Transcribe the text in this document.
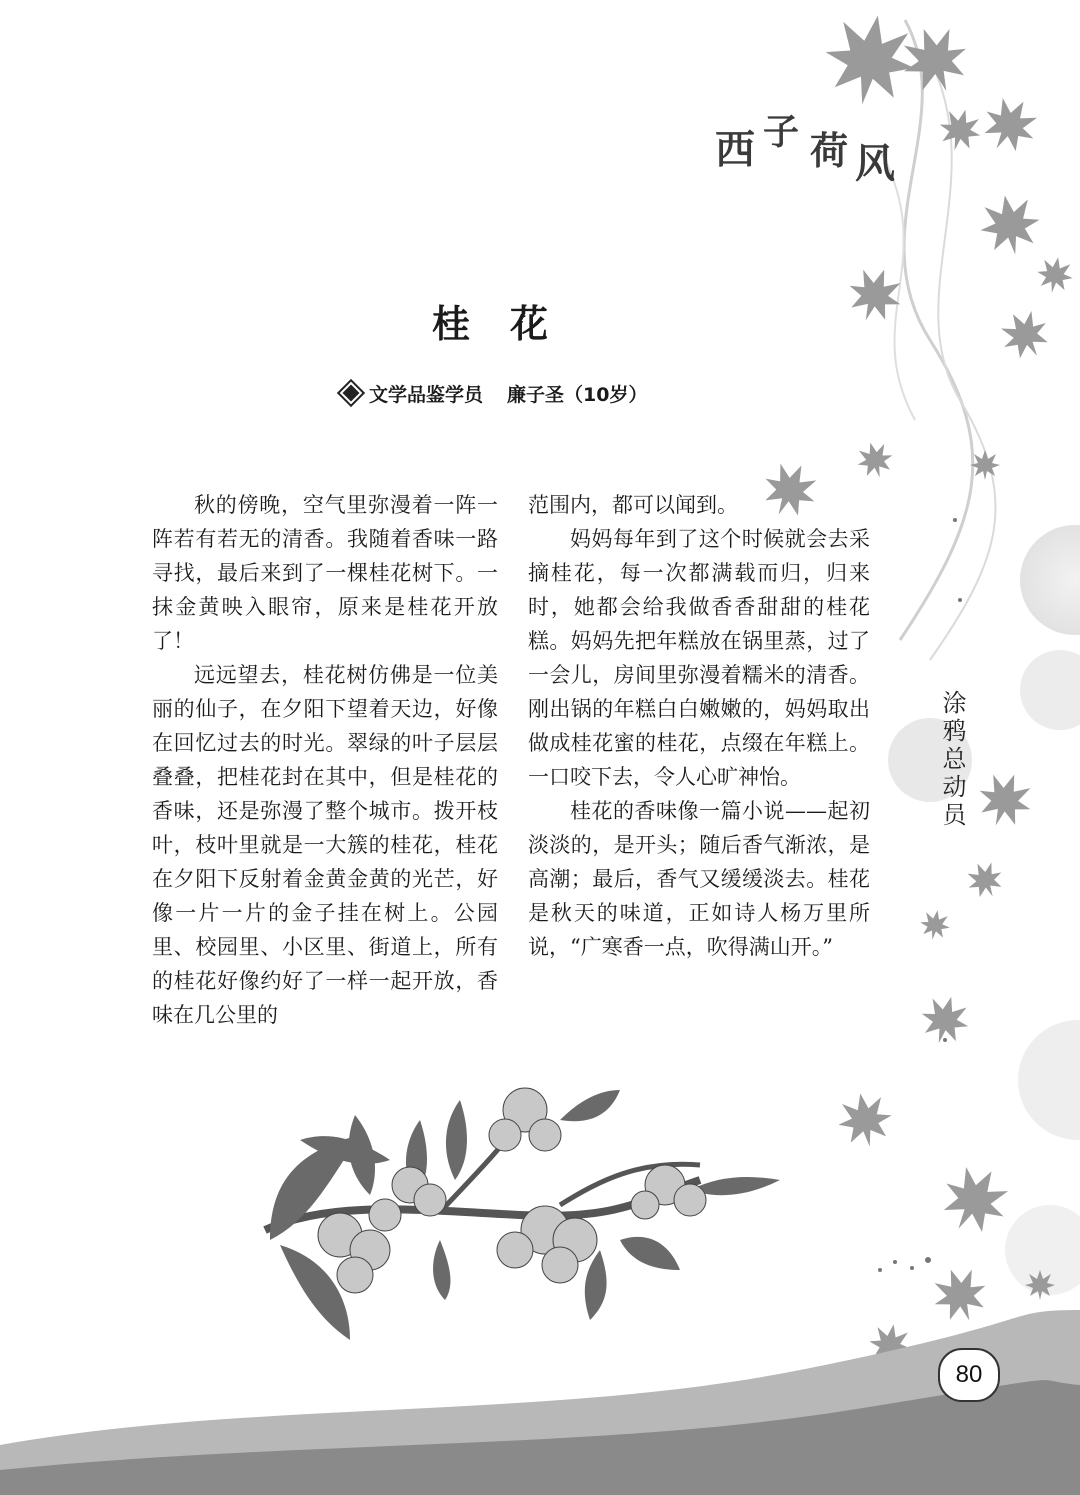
西 子 荷 风
桂花
文学品鉴学员 廉子圣（10岁）

秋的傍晚，空气里弥漫着一阵一阵若有若无的清香。我随着香味一路寻找，最后来到了一棵桂花树下。一抹金黄映入眼帘，原来是桂花开放了！

远远望去，桂花树仿佛是一位美丽的仙子，在夕阳下望着天边，好像在回忆过去的时光。翠绿的叶子层层叠叠，把桂花封在其中，但是桂花的香味，还是弥漫了整个城市。拨开枝叶，枝叶里就是一大簇的桂花，桂花在夕阳下反射着金黄金黄的光芒，好像一片一片的金子挂在树上。公园里、校园里、小区里、街道上，所有的桂花好像约好了一样一起开放，香味在几公里的

范围内，都可以闻到。

妈妈每年到了这个时候就会去采摘桂花，每一次都满载而归，归来时，她都会给我做香香甜甜的桂花糕。妈妈先把年糕放在锅里蒸，过了一会儿，房间里弥漫着糯米的清香。刚出锅的年糕白白嫩嫩的，妈妈取出做成桂花蜜的桂花，点缀在年糕上。一口咬下去，令人心旷神怡。

桂花的香味像一篇小说——起初淡淡的，是开头；随后香气渐浓，是高潮；最后，香气又缓缓淡去。桂花是秋天的味道，正如诗人杨万里所说，“广寒香一点，吹得满山开。”

涂鸦总动员
80
